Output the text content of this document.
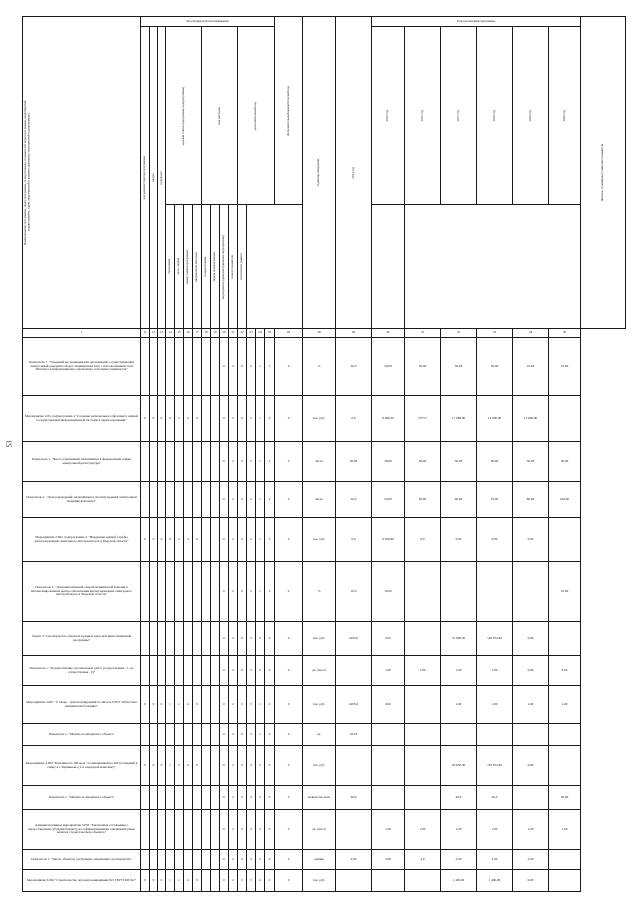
53
Наименование программы, задач программы, подпрограммы, показателей задач программы, мероприятий подпрограммы, задач, мероприятий и административных мероприятий подпрограммы	Код-бюджетной классификации															Дополнительный аналитический код	Единица измерения	2014 год	Годы реализации программы						Целевое (суммарное) значение показателя

	код администратора программы	раздел	подраздел	целевая статья (программа, подпрограмма)				вид расходов				дополнительный код							2015 год	2016 год	2017 год	2018 год	2019 год	2020 год	

				программа	цель, задача	номер задачи программы	направление расходов	подпрограмма	задача подпрограммы	мероприятие (административное мероприятие)	номер показателя	исполнение данных													

1	11	12	13	14	15	16	17	18	19	20	21	22	23	24	25	26	28	29	30	31	32	33	34	35	
Показатель 7. "Удельный вес медицинских организаций, осуществляющих электронный документооборот медицинских карт с использованием сети Интернет и информационно-справочных сенсорных терминалов"										0	2	0	2	1	1	0	%	30,0	50,00	30,00	30,00	30,00	10,00	10,00	
Мероприятие 2.03. подпрограмма 4 "Создание регионального фрагмента единой государственной информационной системы в здравоохранении"	0	9	0	9	2	4	х			0	2	0	2	1	2	0	тыс. руб.	0,0	8 660,20	7573,7	17 086,00	12 000,00	12 000,00		
Показатель 1. "Число учреждений, включённых в федеральный сервис электронной регистратуры"										0	2	0	2	1	2	0	число	30,00	39,00	39,00	30,00	30,00	30,00	30,00	
Показатель 2. "Доля учреждений, включённых в систему ведения электронной медицинской карты"										0	2	0	2	1	2	0	число	50,0	50,00	50,00	60,00	79,00	80,00	100,00	
Мероприятие 2.002. подпрограмма 4. "Внедрение единой службы диспетчеризации санитарного автотранспорта в Тверской области"	0	9	0	9	2	4	х			0	2	0	2	1	3	0	тыс. руб.	0,0	9 950,90	0,0	0,00	0,00	0,00		
Показатель 1. "Доля выполненной скорой медицинской помощи в автоматизированном центре обеспечения диспетчеризации санитарного автотранспорта в Тверской области"										0	2	0	2	1	3	0	%	10,0	10,00					10,00	
Задача 3 "Строительство объектов в рамках адресной инвестиционной программы"										0	2	0	3	0	0	0	тыс. руб.	4195,0	20,0		31 090,30	194 072,60	0,00		
Показатель 1. "Осуществление строительных работ (осуществлены - 1, не осуществлены - 0)"										0	2	0	3	0	0	0	да-1,нет-0		1,00	1,00	1,00	1,00	0,00	0,00	
Мероприятие 3.001 "Г. Тверь - транспортируемый госпиталь ГБУЗ "Областная клиническая больница"	0	9	0	1	2	4	х			0	2	0	3	1	0	0	тыс. руб.	4195,0	20,0		1,00	1,00	1,00	1,00	
Показатель 1. "Мощность введенного объекта"										0	2	0	3	1	0	0	ед.	103/4							
Мероприятие 3.002 "Больница на 100 коек с поликлиникой на 200 посещений в смену в г. Кувшиново (1-я очередной комплекс)"	0	9	0	1	2	4	х			0	2	0	3	2	0	0	тыс. руб.				26 650,30	102 872,60	0,00		
Показатель 1. "Мощность введенного объекта"										0	2	0	3	2	0	0	количество коек	20,0			20,0	20,0		20,00	
Административное мероприятие 3.003 "Заключение соглашения о предоставлении субсидии бюджету на софинансирование завершения ранее начатых строительством объектов"										0	2	0	3	3	0	0	да-1,нет-0		1,00	1,00	1,00	1,00	1,00	1,00	
Показатель 1. "Число объектов, требующих завершения строительства"										0	2	0	3	3	0	0	единиц	2,00	2,00	2,0	2,00	2,00	2,00		
Мероприятие 3.004 "Строительство детской поликлиники №3 ГБУЗ ГКБ №2"	0	9	0	1	2	4	х			0	2	0	3	4	0	0	тыс. руб.				1 400,00	1 400,00	0,00		
